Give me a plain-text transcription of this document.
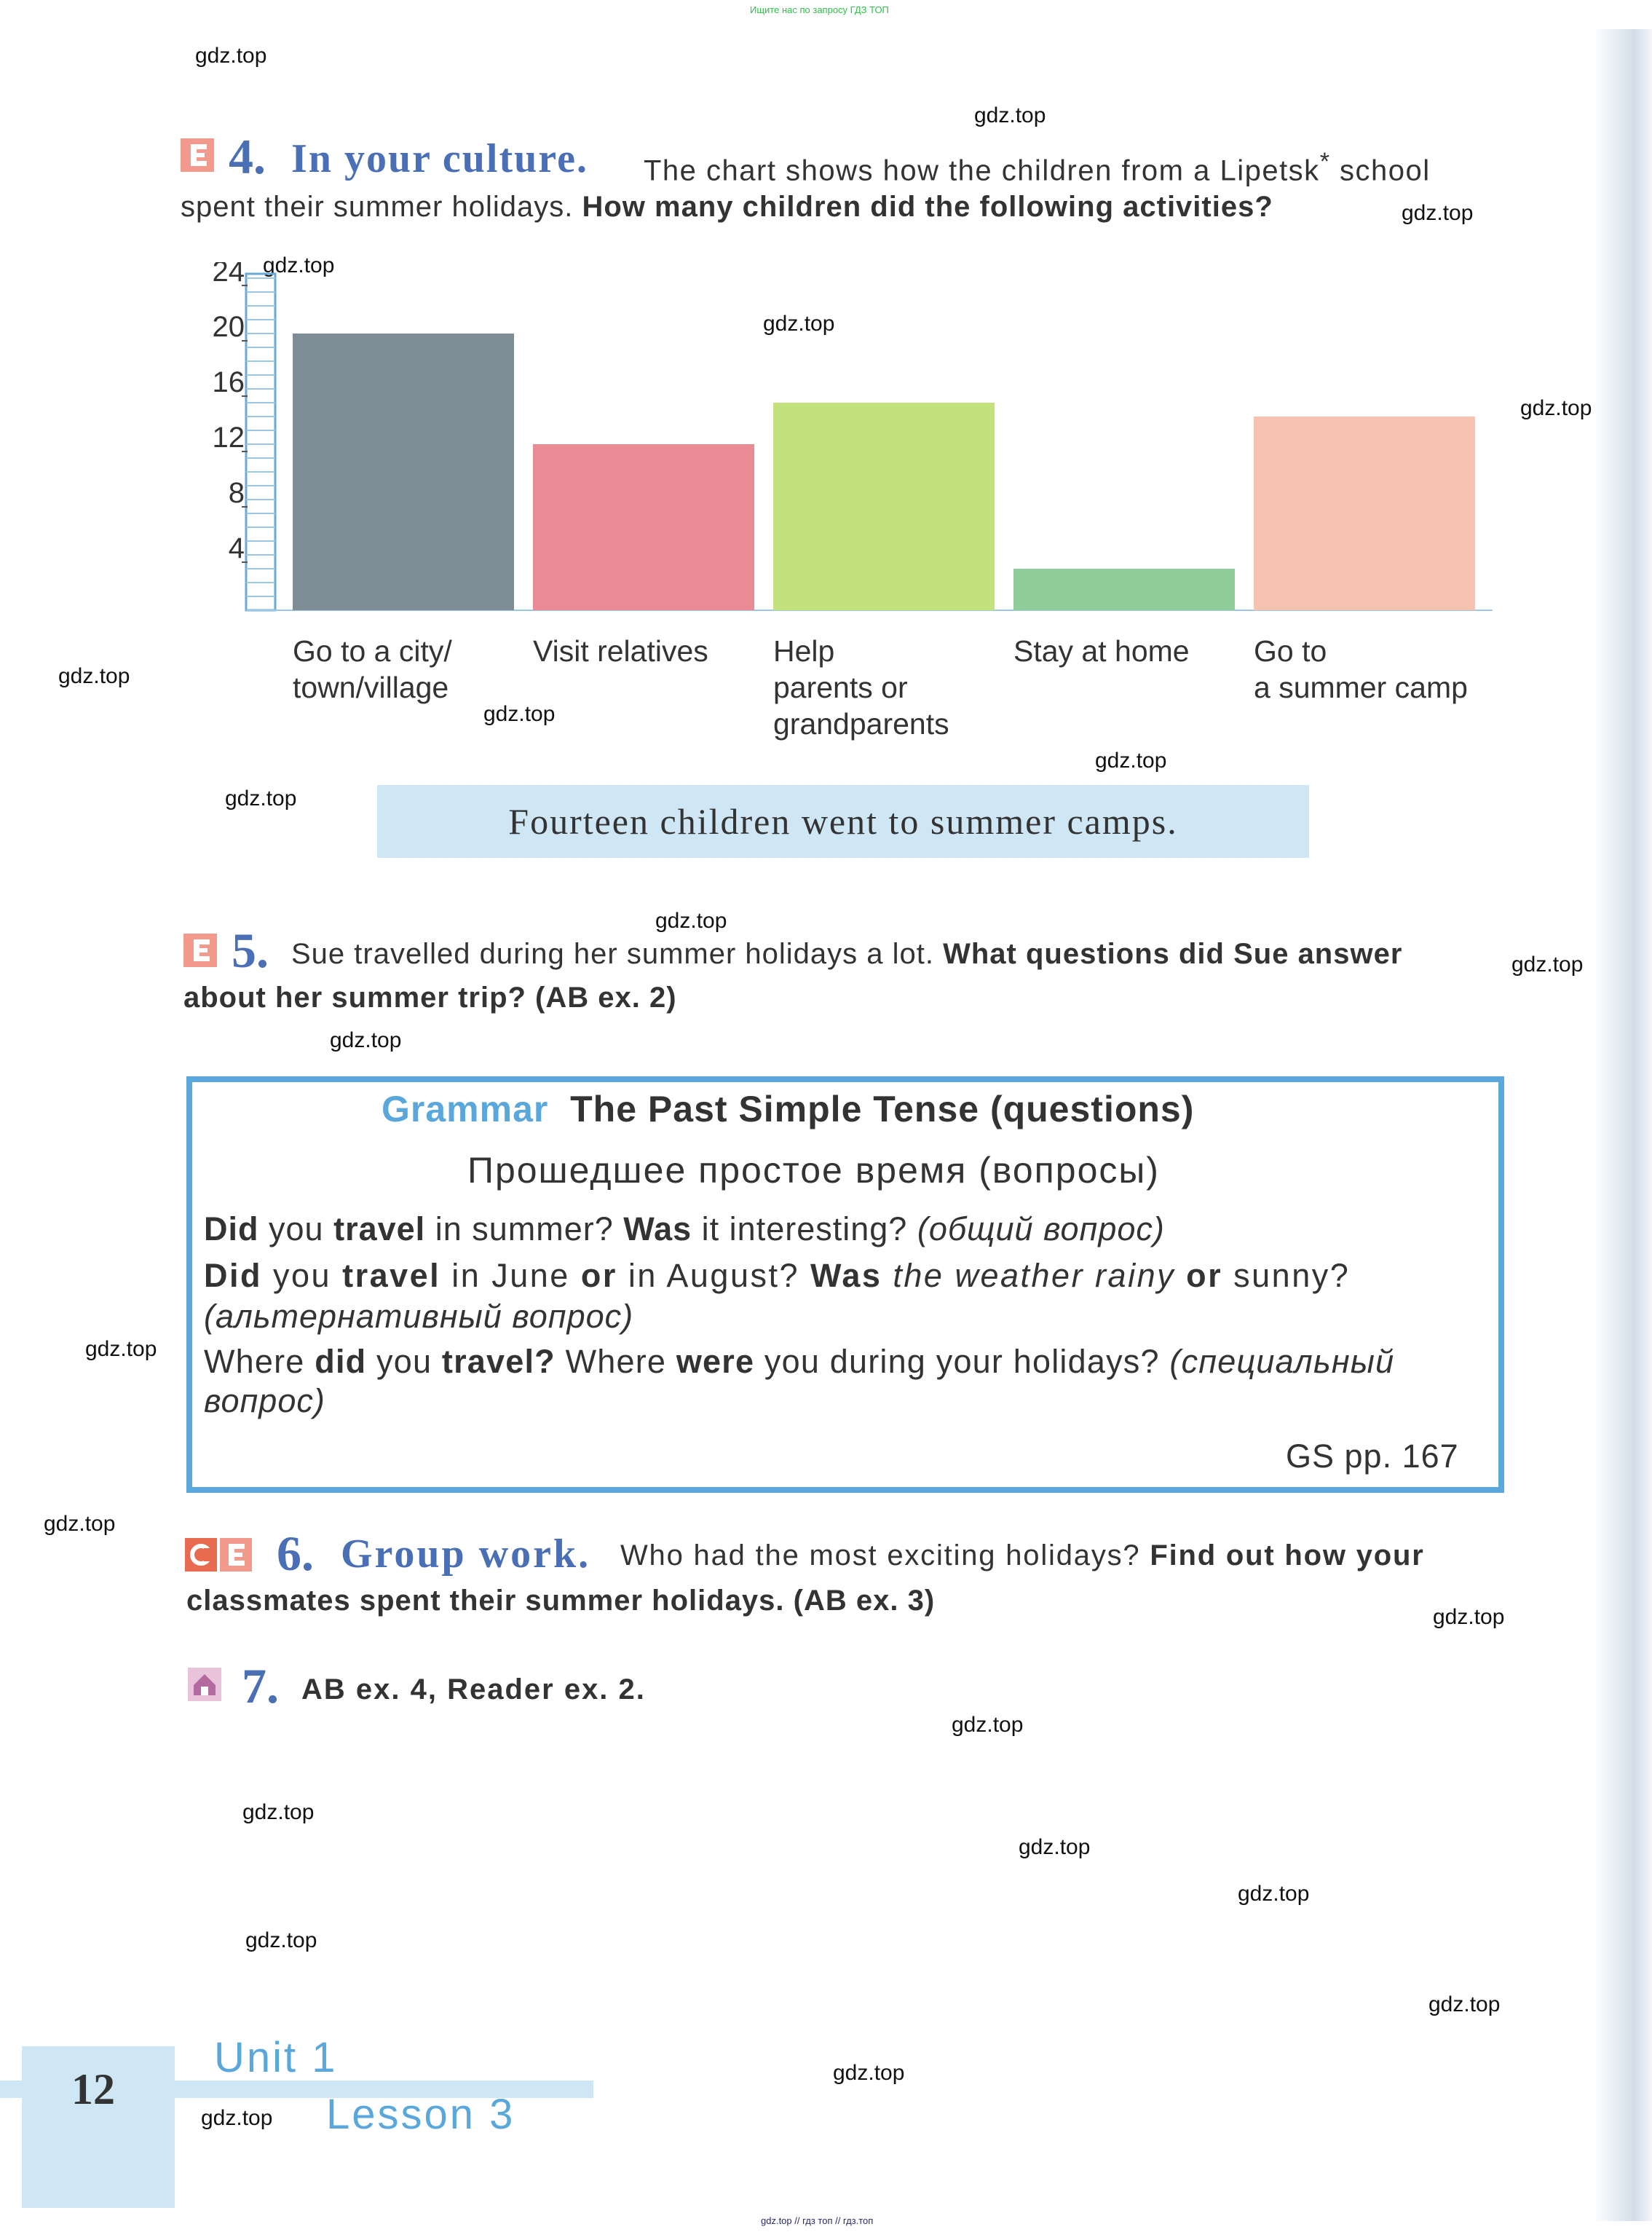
Ищите нас по запросу ГДЗ ТОП
gdz.top
gdz.top
gdz.top
gdz.top
gdz.top
gdz.top
gdz.top
gdz.top
gdz.top
gdz.top
gdz.top
gdz.top
gdz.top
gdz.top
gdz.top
gdz.top
gdz.top
gdz.top
gdz.top
gdz.top
gdz.top
gdz.top
gdz.top
gdz.top
4. In your culture. The chart shows how the children from a Lipetsk* school
spent their summer holidays. How many children did the following activities?
4
8
12
16
20
24
Go to a city/
town/village
Visit relatives Help
parents or
grandparents
Stay at home Go to
a summer camp
Fourteen children went to summer camps.
5. Sue travelled during her summer holidays a lot. What questions did Sue answer
about her summer trip? (AB ex. 2)
Grammar The Past Simple Tense (questions)
Прошедшее простое время (вопросы)
Did you travel in summer? Was it interesting? (общий вопрос)
Did you travel in June or in August? Was the weather rainy or sunny?
(альтернативный вопрос)
Where did you travel? Where were you during your holidays? (специальный
вопрос)
GS pp. 167
6. Group work. Who had the most exciting holidays? Find out how your
classmates spent their summer holidays. (AB ex. 3)
7. AB ex. 4, Reader ex. 2.
12
Unit 1
Lesson 3
gdz.top // гдз топ // гдз.топ
